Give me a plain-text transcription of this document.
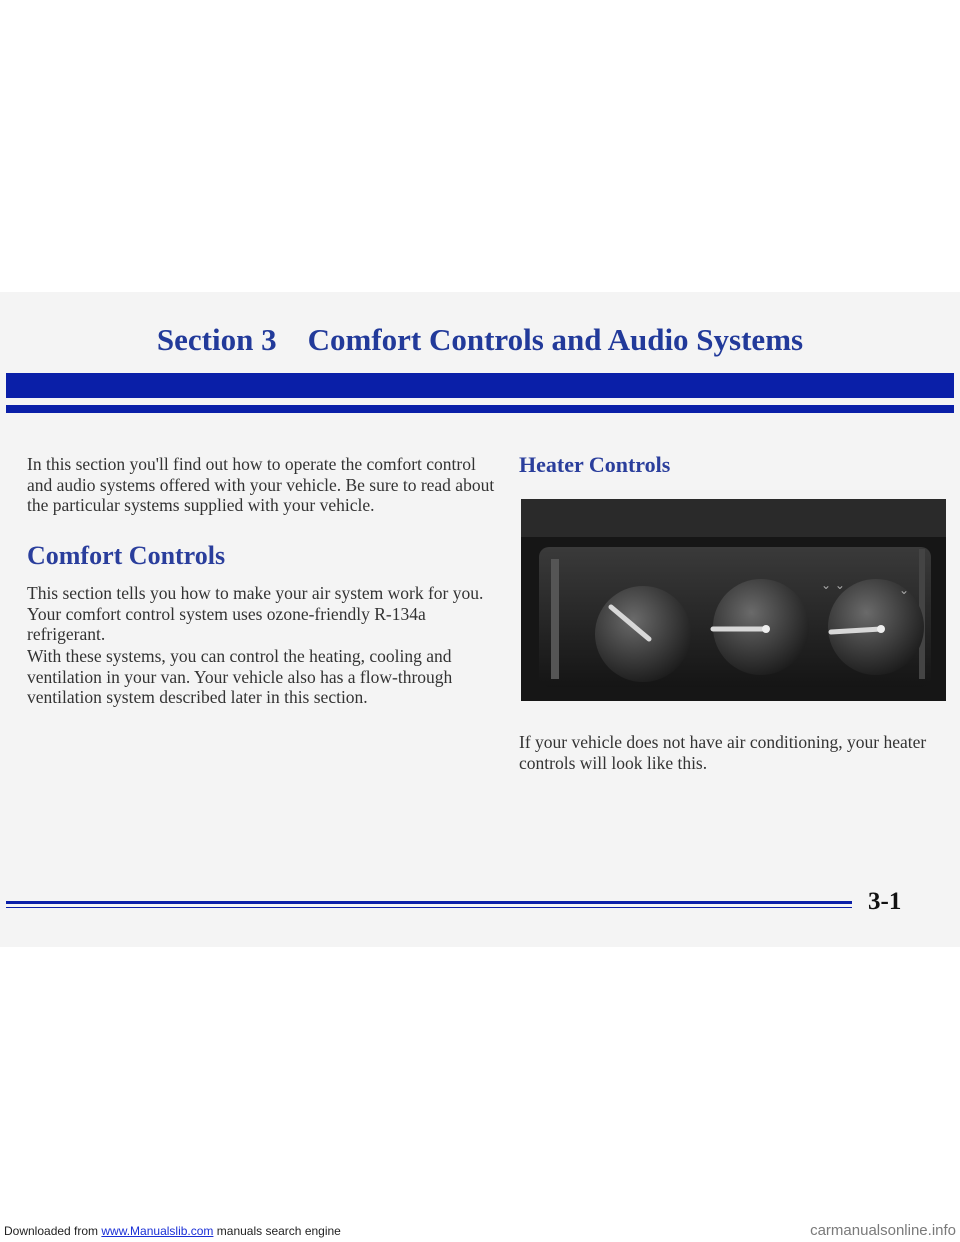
Section 3    Comfort Controls and Audio Systems

In this section you'll find out how to operate the comfort control and audio systems offered with your vehicle. Be sure to read about the particular systems supplied with your vehicle.

Comfort Controls

This section tells you how to make your air system work for you. Your comfort control system uses ozone-friendly R-134a refrigerant.

With these systems, you can control the heating, cooling and ventilation in your van. Your vehicle also has a flow-through ventilation system described later in this section.

Heater Controls
⌄ ⌄	⌄

If your vehicle does not have air conditioning, your heater controls will look like this.

3-1
Downloaded from www.Manualslib.com manuals search engine	carmanualsonline.info
